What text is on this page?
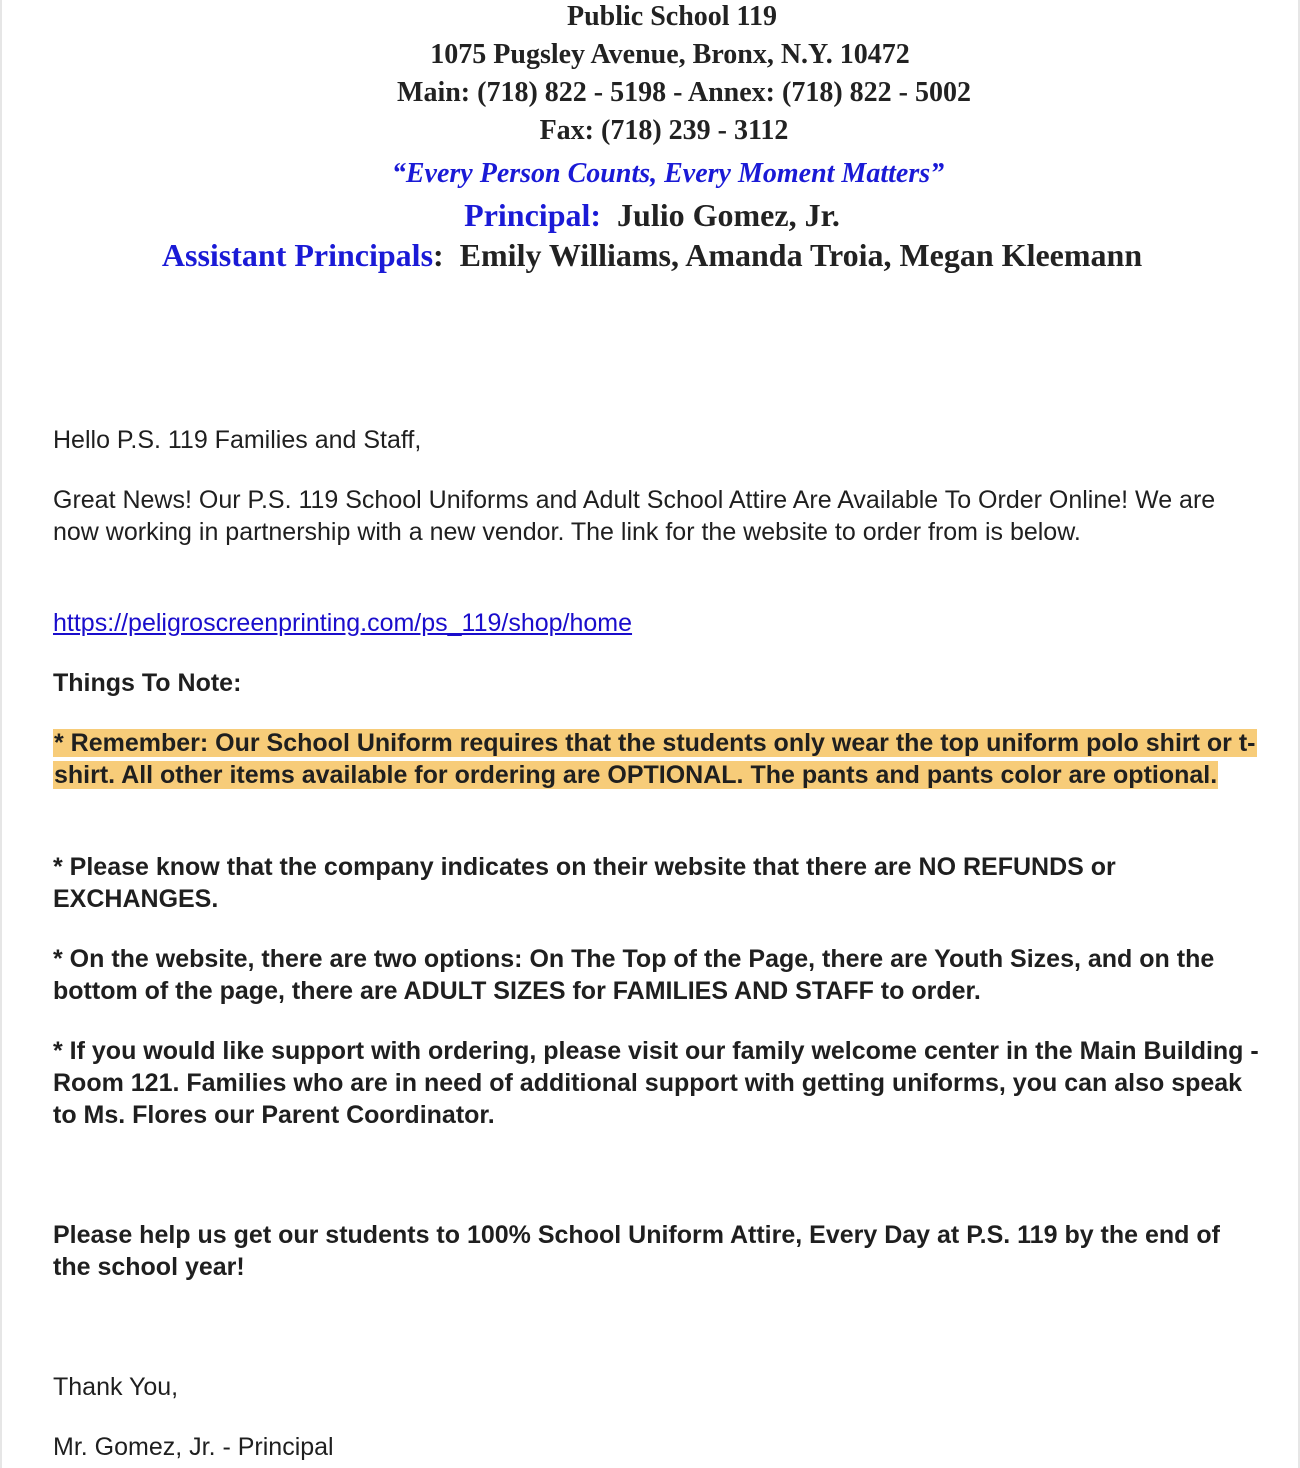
Public School 119
1075 Pugsley Avenue, Bronx, N.Y. 10472
Main: (718) 822 - 5198 - Annex: (718) 822 - 5002
Fax: (718) 239 - 3112
“Every Person Counts, Every Moment Matters”
Principal: Julio Gomez, Jr.
Assistant Principals: Emily Williams, Amanda Troia, Megan Kleemann

Hello P.S. 119 Families and Staff,

Great News! Our P.S. 119 School Uniforms and Adult School Attire Are Available To Order Online! We are now working in partnership with a new vendor. The link for the website to order from is below.

https://peligroscreenprinting.com/ps_119/shop/home

Things To Note:

* Remember: Our School Uniform requires that the students only wear the top uniform polo shirt or t-shirt. All other items available for ordering are OPTIONAL. The pants and pants color are optional.

* Please know that the company indicates on their website that there are NO REFUNDS or EXCHANGES.

* On the website, there are two options: On The Top of the Page, there are Youth Sizes, and on the bottom of the page, there are ADULT SIZES for FAMILIES AND STAFF to order.

* If you would like support with ordering, please visit our family welcome center in the Main Building - Room 121. Families who are in need of additional support with getting uniforms, you can also speak to Ms. Flores our Parent Coordinator.

Please help us get our students to 100% School Uniform Attire, Every Day at P.S. 119 by the end of the school year!

Thank You,

Mr. Gomez, Jr. - Principal
